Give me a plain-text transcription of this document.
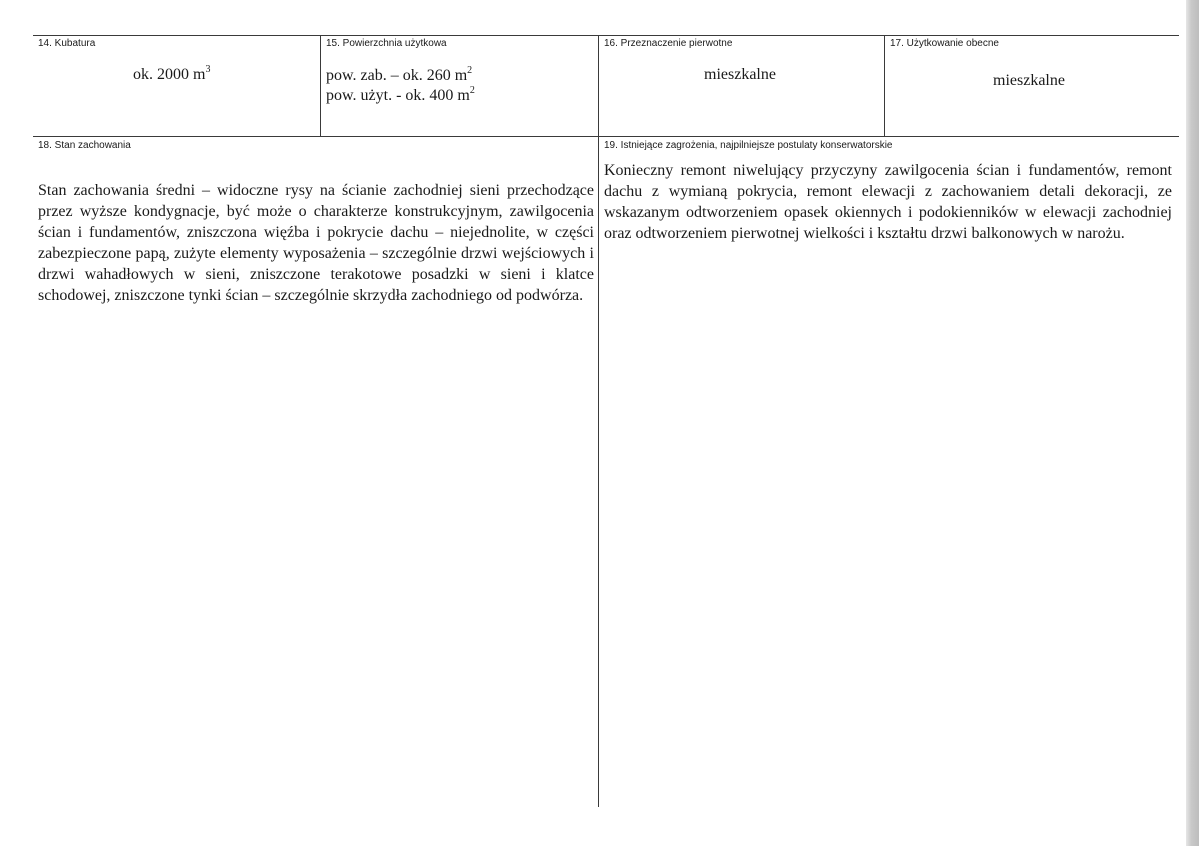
14. Kubatura
ok. 2000 $m^3$
15. Powierzchnia użytkowa
pow. zab. – ok. 260 $m^2$
pow. użyt. - ok. 400 $m^2$
16. Przeznaczenie pierwotne
mieszkalne
17. Użytkowanie obecne
mieszkalne
18. Stan zachowania
Stan zachowania średni – widoczne rysy na ścianie zachodniej sieni przechodzące przez wyższe kondygnacje, być może o charakterze konstrukcyjnym, zawilgocenia ścian i fundamentów, zniszczona więźba i pokrycie dachu – niejednolite, w części zabezpieczone papą, zużyte elementy wyposażenia – szczególnie drzwi wejściowych i drzwi wahadłowych w sieni, zniszczone terakotowe posadzki w sieni i klatce schodowej, zniszczone tynki ścian – szczególnie skrzydła zachodniego od podwórza.
19. Istniejące zagrożenia, najpilniejsze postulaty konserwatorskie
Konieczny remont niwelujący przyczyny zawilgocenia ścian i fundamentów, remont dachu z wymianą pokrycia, remont elewacji z zachowaniem detali dekoracji, ze wskazanym odtworzeniem opasek okiennych i podokienników w elewacji zachodniej oraz odtworzeniem pierwotnej wielkości i kształtu drzwi balkonowych w narożu.
